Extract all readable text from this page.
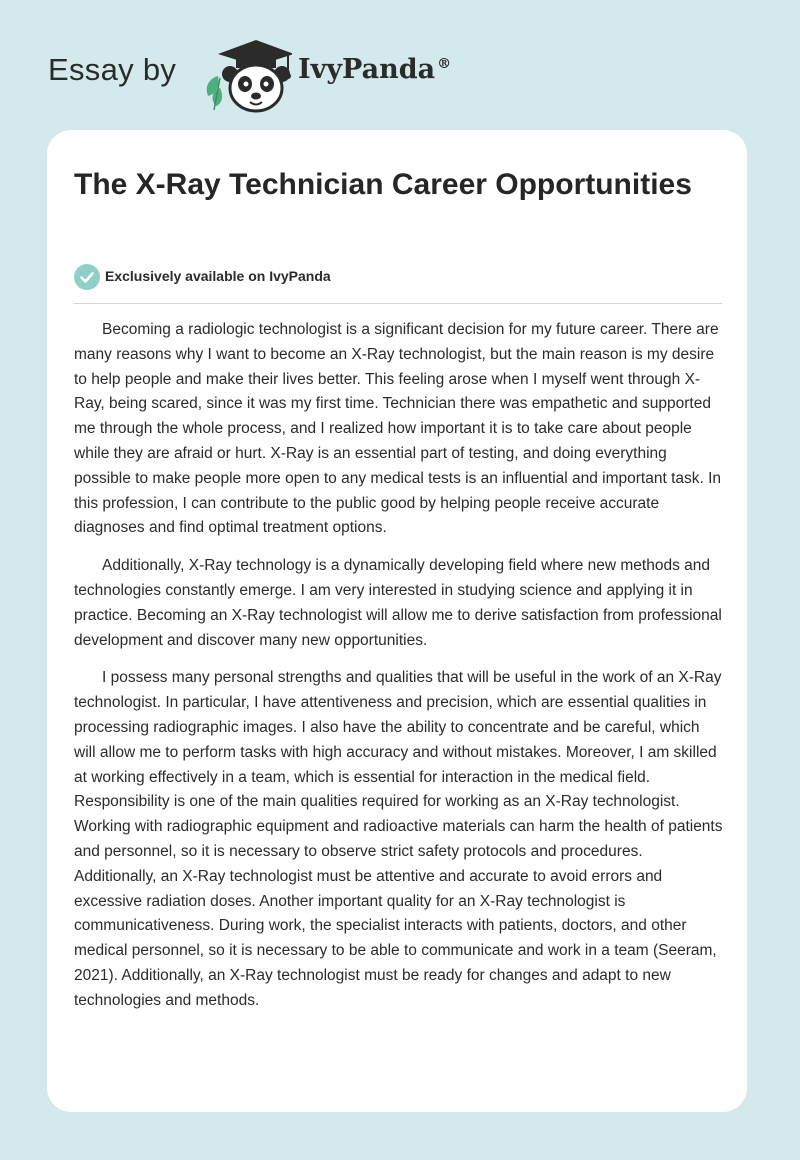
Essay by	IvyPanda ®
The X-Ray Technician Career Opportunities
Exclusively available on IvyPanda

Becoming a radiologic technologist is a significant decision for my future career. There are many reasons why I want to become an X-Ray technologist, but the main reason is my desire to help people and make their lives better. This feeling arose when I myself went through X-Ray, being scared, since it was my first time. Technician there was empathetic and supported me through the whole process, and I realized how important it is to take care about people while they are afraid or hurt. X-Ray is an essential part of testing, and doing everything possible to make people more open to any medical tests is an influential and important task. In this profession, I can contribute to the public good by helping people receive accurate diagnoses and find optimal treatment options.

Additionally, X-Ray technology is a dynamically developing field where new methods and technologies constantly emerge. I am very interested in studying science and applying it in practice. Becoming an X-Ray technologist will allow me to derive satisfaction from professional development and discover many new opportunities.

I possess many personal strengths and qualities that will be useful in the work of an X-Ray technologist. In particular, I have attentiveness and precision, which are essential qualities in processing radiographic images. I also have the ability to concentrate and be careful, which will allow me to perform tasks with high accuracy and without mistakes. Moreover, I am skilled at working effectively in a team, which is essential for interaction in the medical field. Responsibility is one of the main qualities required for working as an X-Ray technologist. Working with radiographic equipment and radioactive materials can harm the health of patients and personnel, so it is necessary to observe strict safety protocols and procedures. Additionally, an X-Ray technologist must be attentive and accurate to avoid errors and excessive radiation doses. Another important quality for an X-Ray technologist is communicativeness. During work, the specialist interacts with patients, doctors, and other medical personnel, so it is necessary to be able to communicate and work in a team (Seeram, 2021). Additionally, an X-Ray technologist must be ready for changes and adapt to new technologies and methods.
